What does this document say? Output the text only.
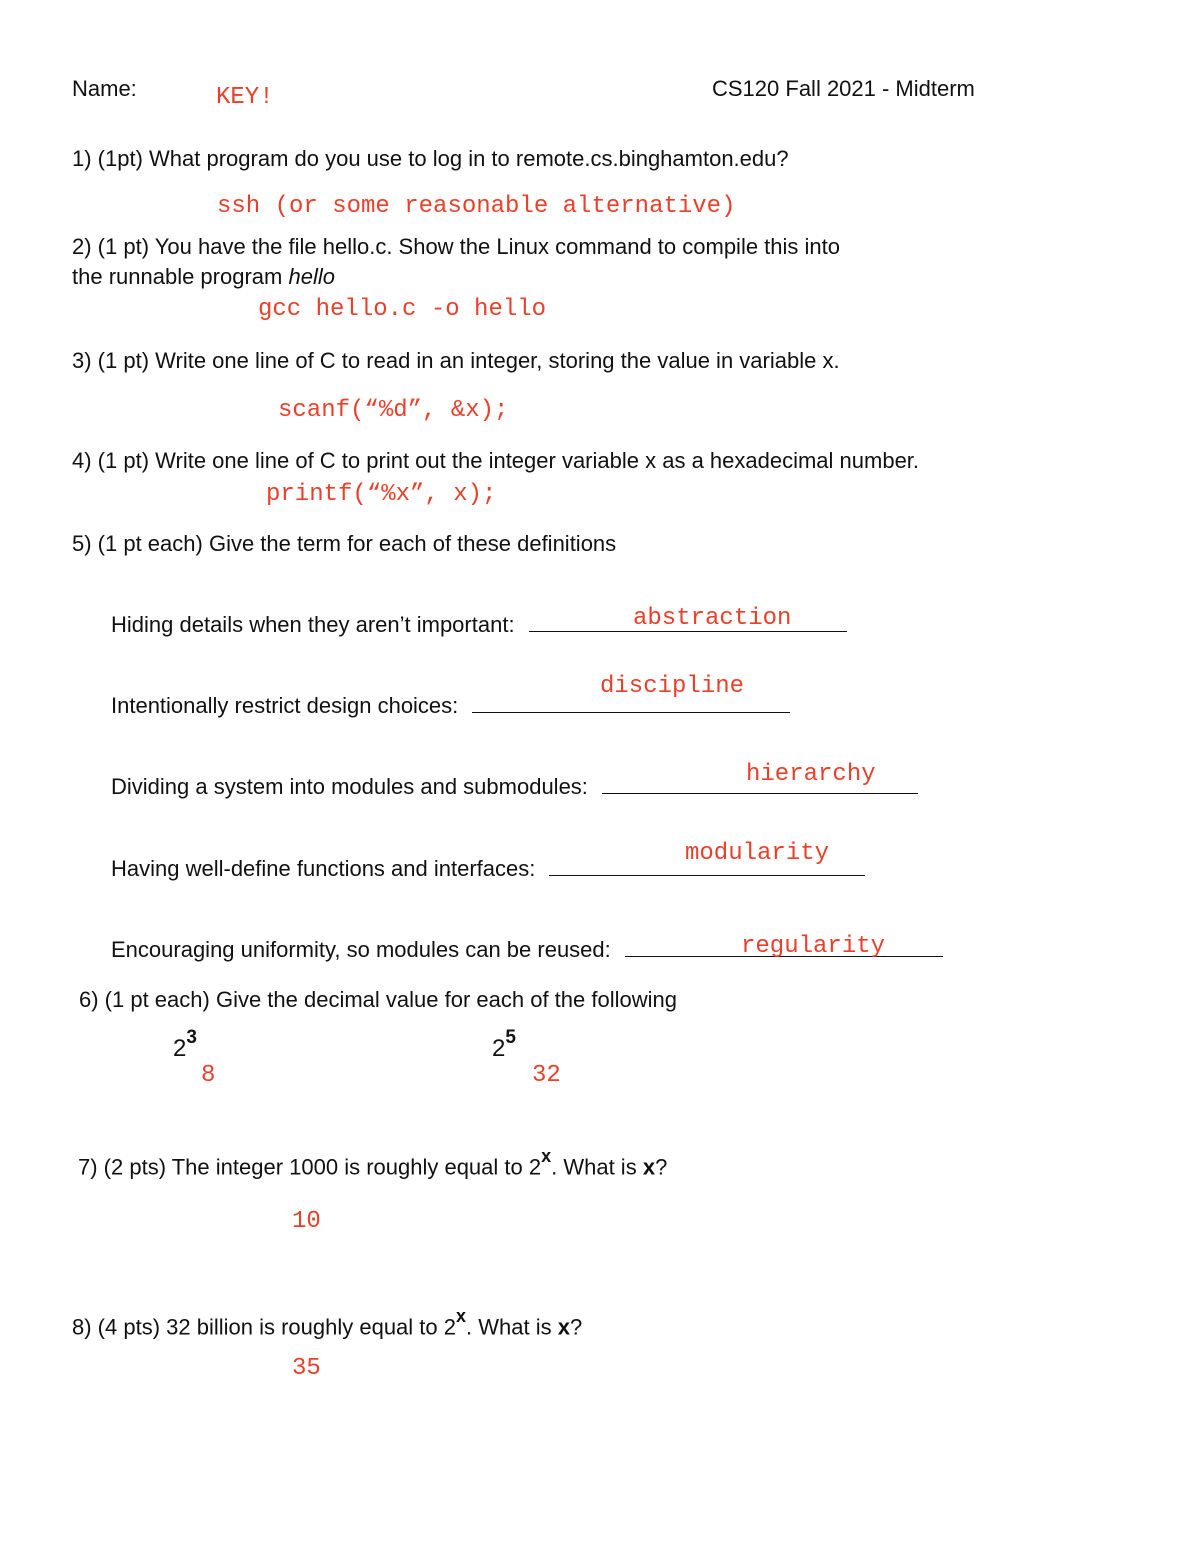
Name:	KEY!	CS120 Fall 2021 - Midterm
1) (1pt) What program do you use to log in to remote.cs.binghamton.edu?
ssh (or some reasonable alternative)
2) (1 pt) You have the file hello.c. Show the Linux command to compile this into
the runnable program hello
gcc hello.c -o hello
3) (1 pt) Write one line of C to read in an integer, storing the value in variable x.
scanf(“%d”, &x);
4) (1 pt) Write one line of C to print out the integer variable x as a hexadecimal number.
printf(“%x”, x);
5) (1 pt each) Give the term for each of these definitions
Hiding details when they aren’t important:	abstraction
Intentionally restrict design choices:
discipline
Dividing a system into modules and submodules:	hierarchy
Having well-define functions and interfaces:
modularity
Encouraging uniformity, so modules can be reused:	regularity
6) (1 pt each) Give the decimal value for each of the following
$2^3$
8
$2^5$
32
7) (2 pts) The integer 1000 is roughly equal to 2$^x$. What is x?
10
8) (4 pts) 32 billion is roughly equal to 2$^x$. What is x?
35
